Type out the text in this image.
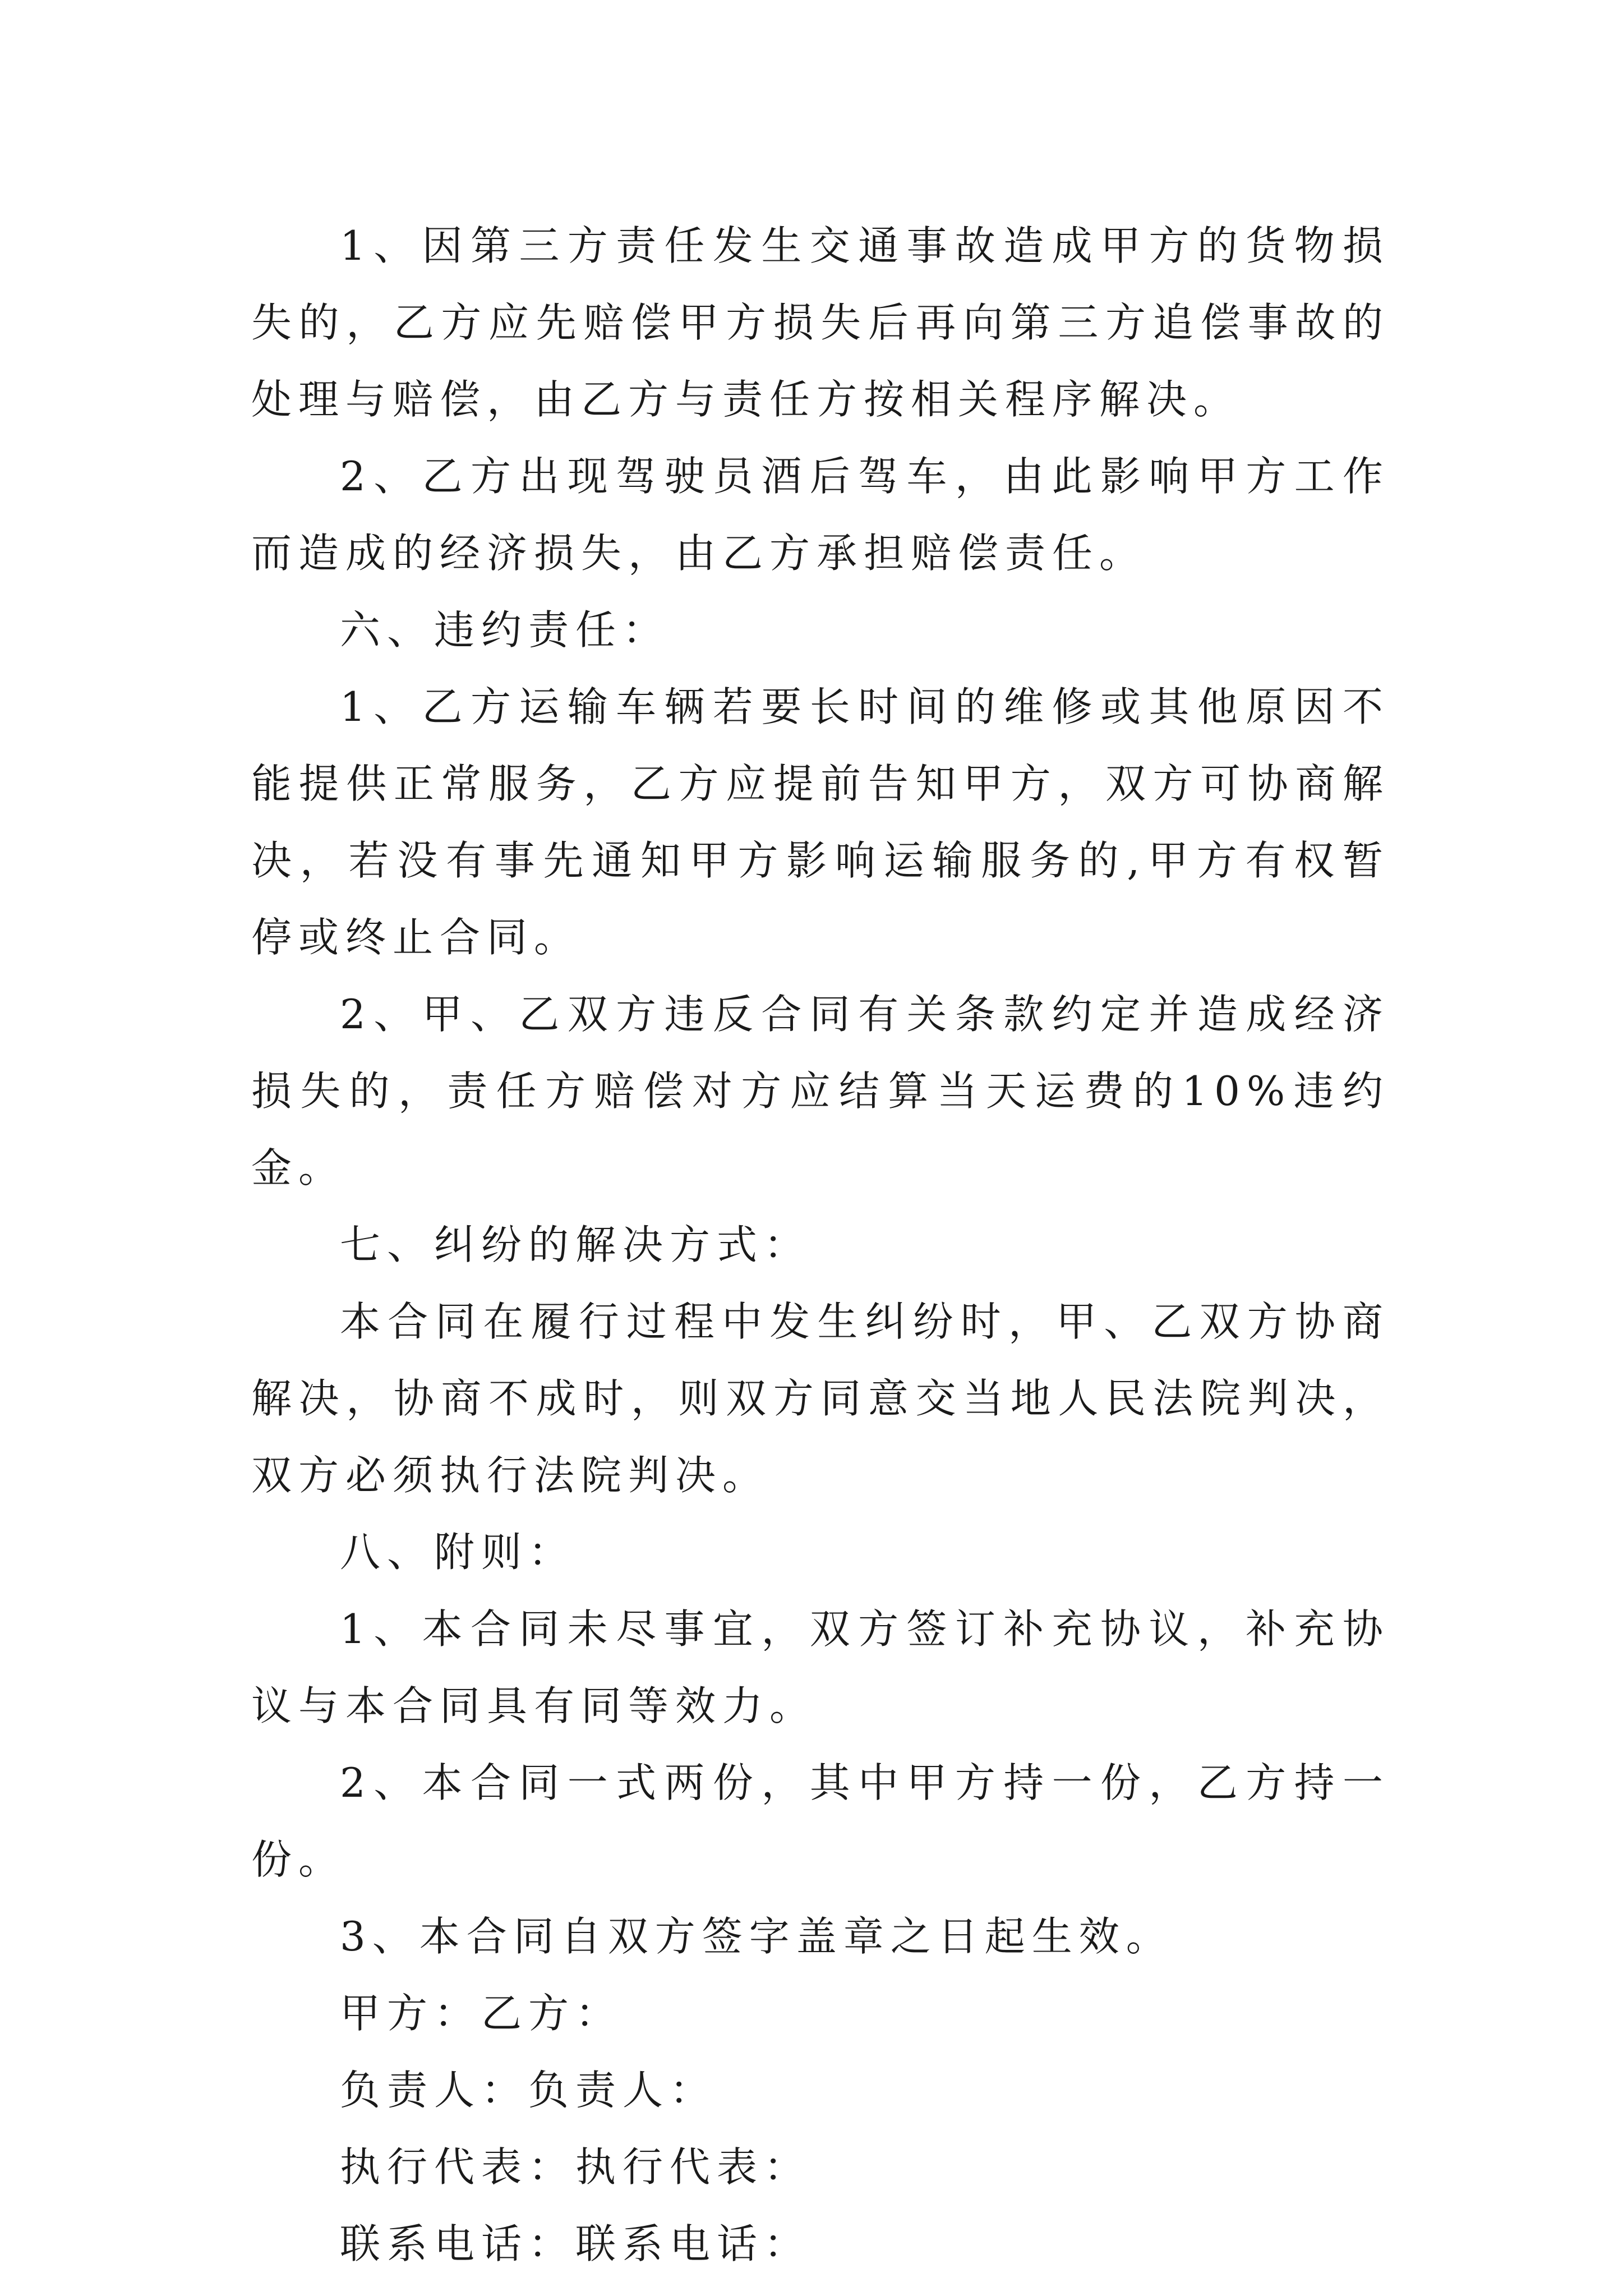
1、因第三方责任发生交通事故造成甲方的货物损失的，乙方应先赔偿甲方损失后再向第三方追偿事故的处理与赔偿，由乙方与责任方按相关程序解决。

2、乙方出现驾驶员酒后驾车，由此影响甲方工作而造成的经济损失，由乙方承担赔偿责任。

六、违约责任：

1、乙方运输车辆若要长时间的维修或其他原因不能提供正常服务，乙方应提前告知甲方，双方可协商解决，若没有事先通知甲方影响运输服务的,甲方有权暂停或终止合同。

2、甲、乙双方违反合同有关条款约定并造成经济损失的，责任方赔偿对方应结算当天运费的10%违约金。

七、纠纷的解决方式：

本合同在履行过程中发生纠纷时，甲、乙双方协商解决，协商不成时，则双方同意交当地人民法院判决，双方必须执行法院判决。

八、附则：

1、本合同未尽事宜，双方签订补充协议，补充协议与本合同具有同等效力。

2、本合同一式两份，其中甲方持一份，乙方持一份。

3、本合同自双方签字盖章之日起生效。

甲方：乙方：

负责人：负责人：

执行代表：执行代表：

联系电话：联系电话：
